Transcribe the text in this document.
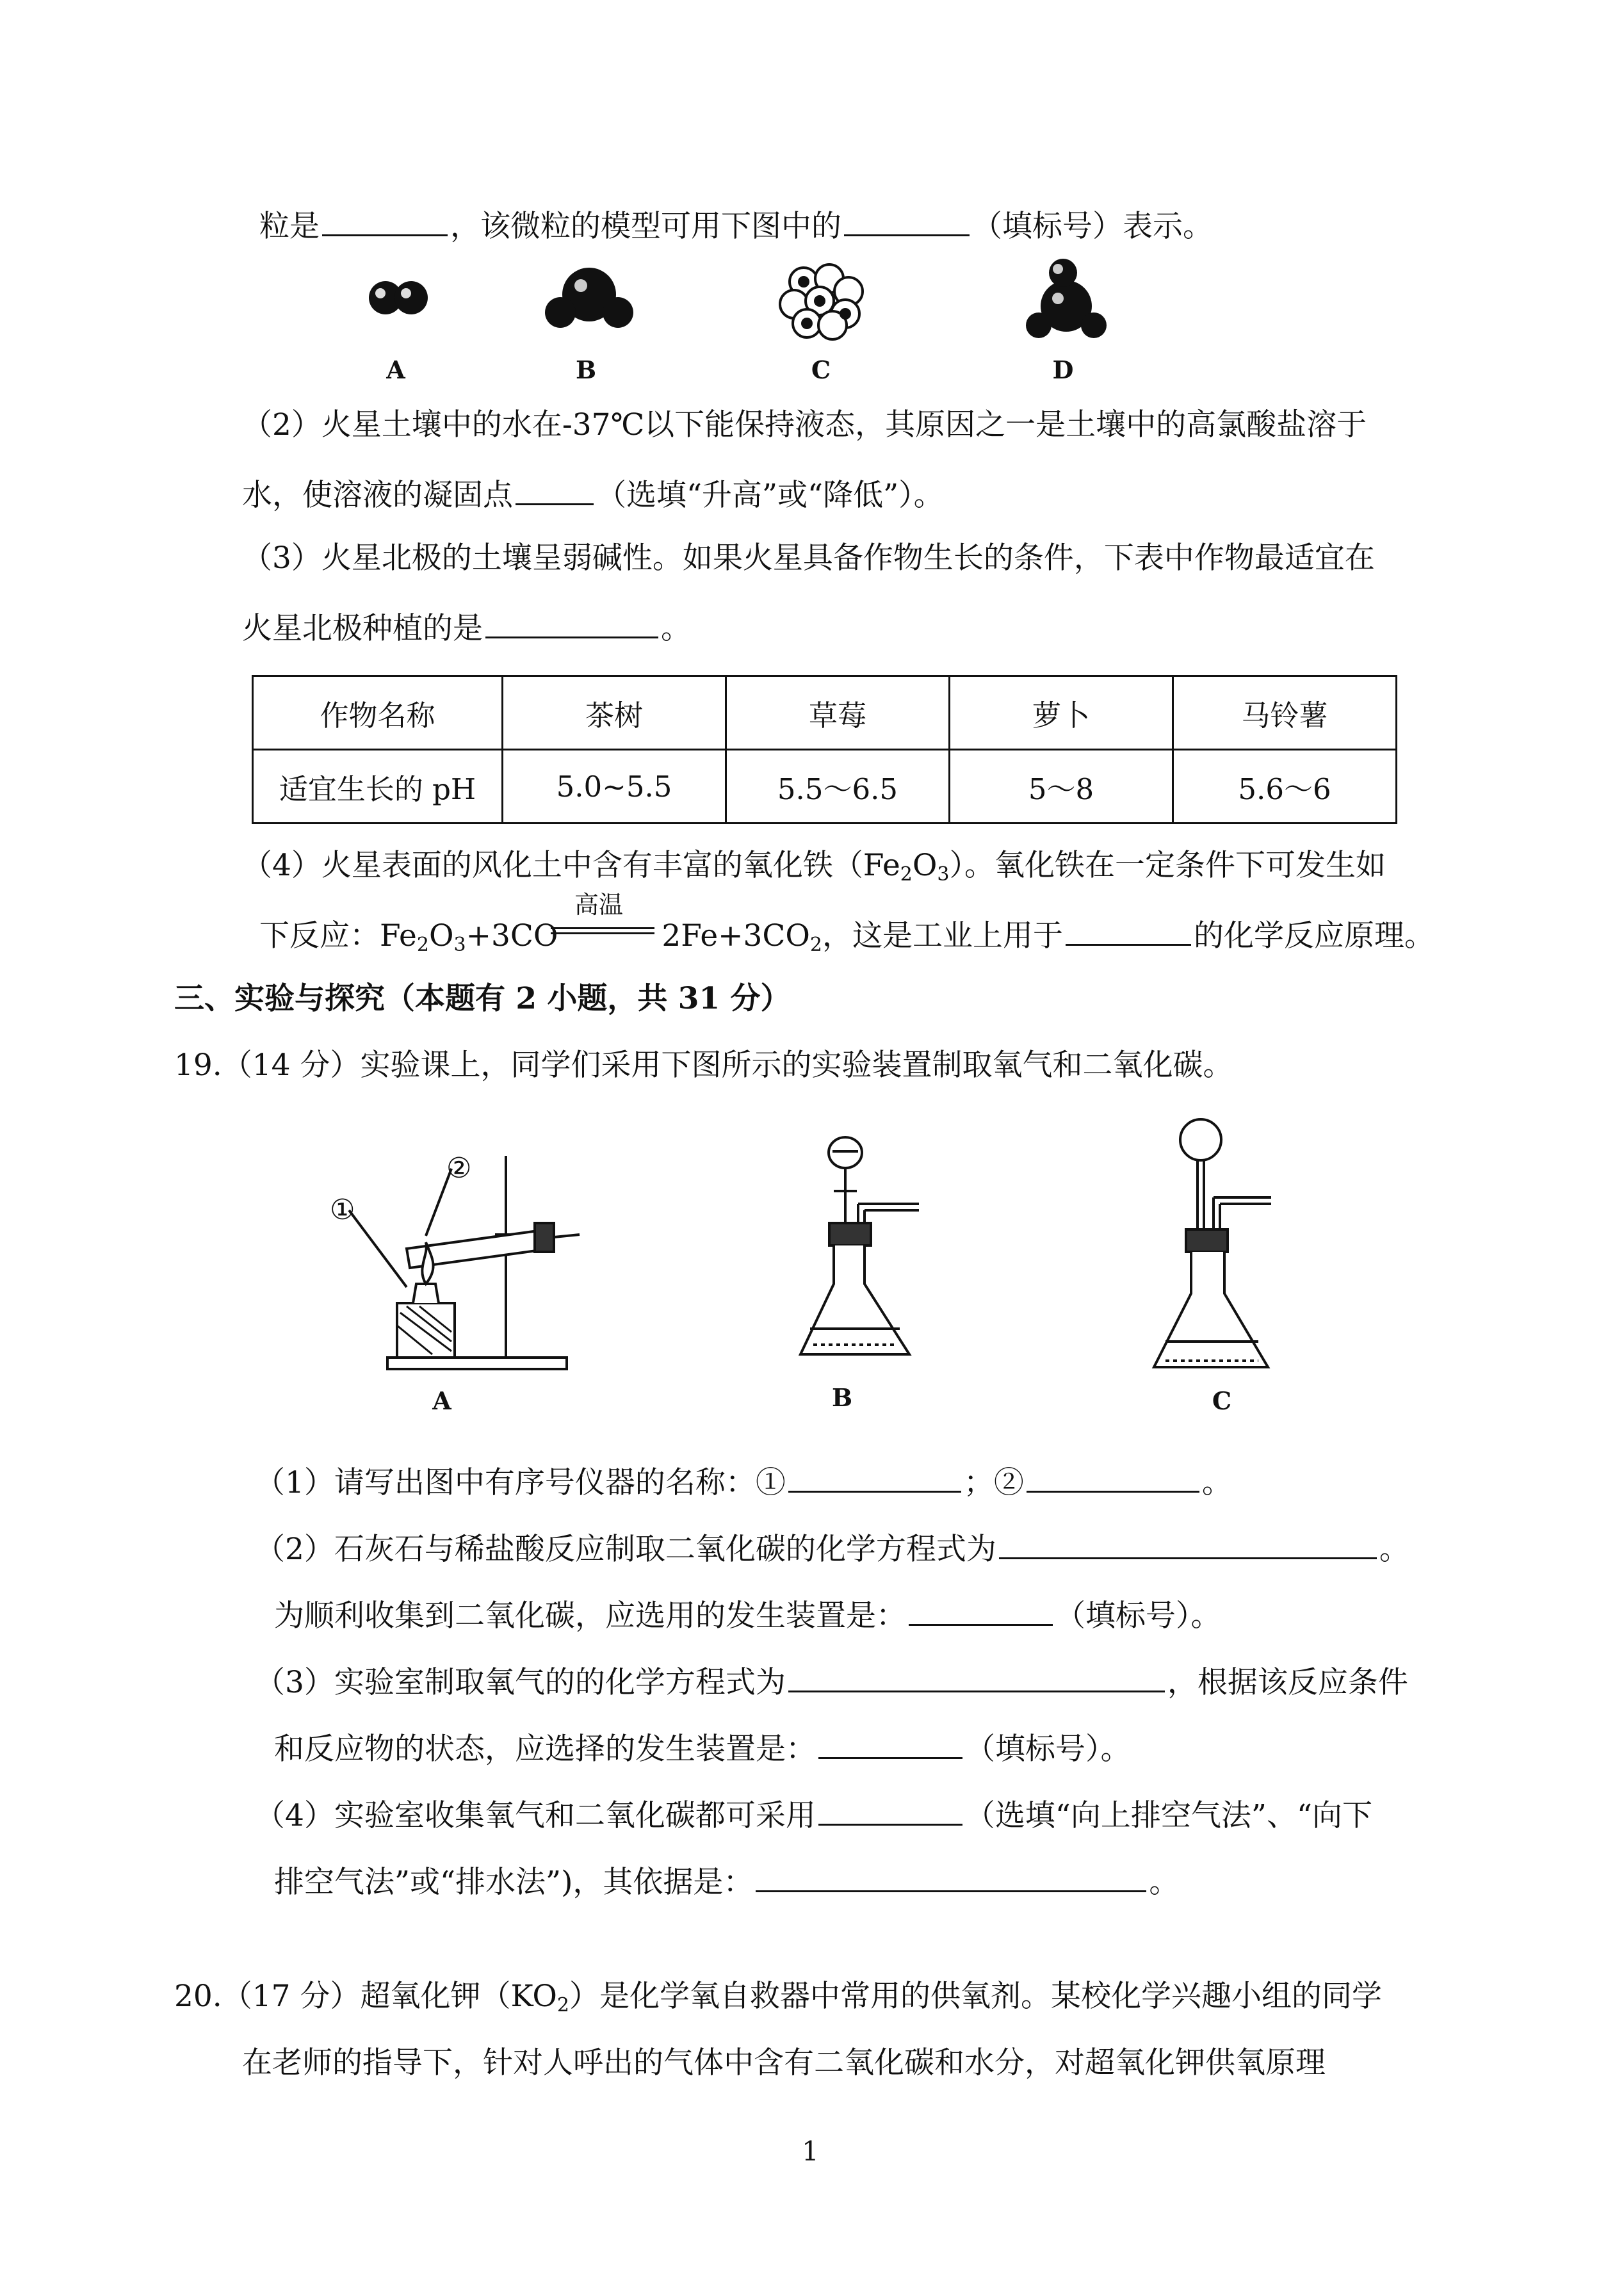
粒是	，该微粒的模型可用下图中的	（填标号）表示。
A	B	C	D
（2）火星土壤中的水在-37℃以下能保持液态，其原因之一是土壤中的高氯酸盐溶于
水，使溶液的凝固点	（选填“升高”或“降低”）。
（3）火星北极的土壤呈弱碱性。如果火星具备作物生长的条件，下表中作物最适宜在
火星北极种植的是	。
作物名称	茶树	草莓	萝卜	马铃薯
适宜生长的 pH	5.0~5.5	5.5～6.5	5～8	5.6～6
（4）火星表面的风化土中含有丰富的氧化铁$(Fe_2O_3)$。氧化铁在一定条件下可发生如
高温
下反应：$Fe_2O_3+3CO$	$2Fe+3CO_2$，这是工业上用于	的化学反应原理。
三、实验与探究（本题有 2 小题，共 31 分）
19.（14 分）实验课上，同学们采用下图所示的实验装置制取氧气和二氧化碳。
①
②
A	B	C
（1）请写出图中有序号仪器的名称：①	；②	。
（2）石灰石与稀盐酸反应制取二氧化碳的化学方程式为	。
为顺利收集到二氧化碳，应选用的发生装置是：	（填标号）。
（3）实验室制取氧气的的化学方程式为	，根据该反应条件
和反应物的状态，应选择的发生装置是：	（填标号）。
（4）实验室收集氧气和二氧化碳都可采用	（选填“向上排空气法”、“向下
排空气法”或“排水法”)，其依据是：	。
20.（17 分）超氧化钾$(KO_2)$是化学氧自救器中常用的供氧剂。某校化学兴趣小组的同学
在老师的指导下，针对人呼出的气体中含有二氧化碳和水分，对超氧化钾供氧原理
1
